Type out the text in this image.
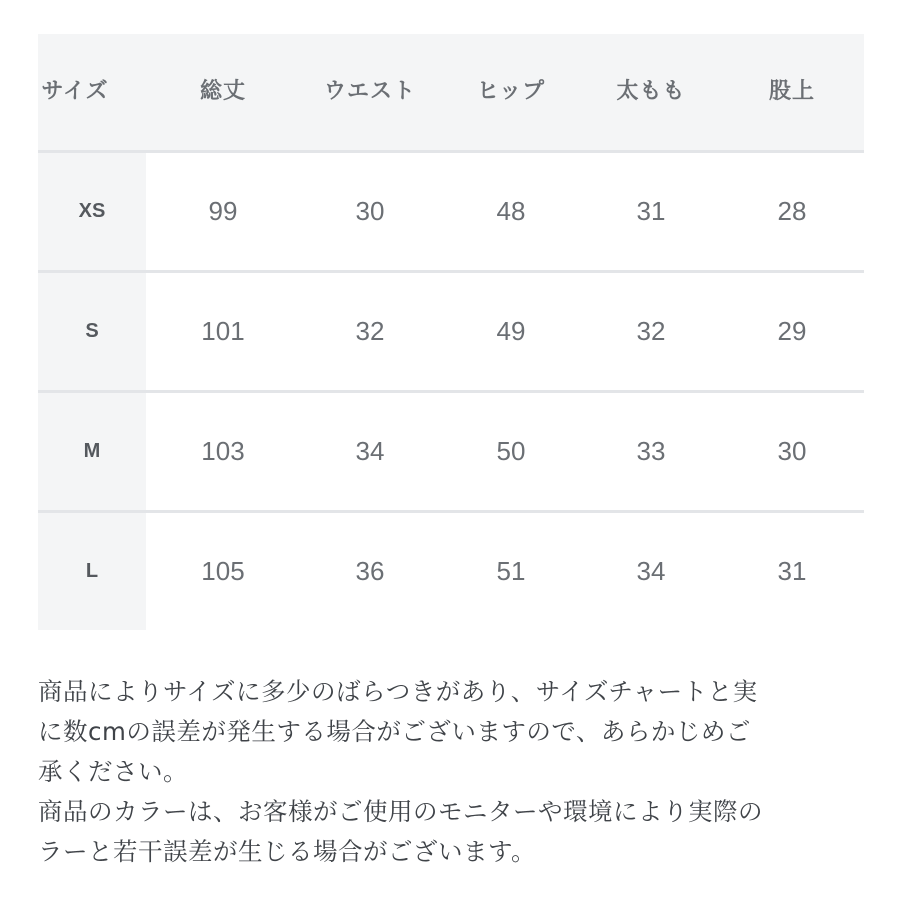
サイズ	総丈	ウエスト	ヒップ	太もも	股上
XS	99	30	48	31	28
S	101	32	49	32	29
M	103	34	50	33	30
L	105	36	51	34	31

商品によりサイズに多少のばらつきがあり、サイズチャートと実

に数cmの誤差が発生する場合がございますので、あらかじめご

承ください。

商品のカラーは、お客様がご使用のモニターや環境により実際の

ラーと若干誤差が生じる場合がございます。
